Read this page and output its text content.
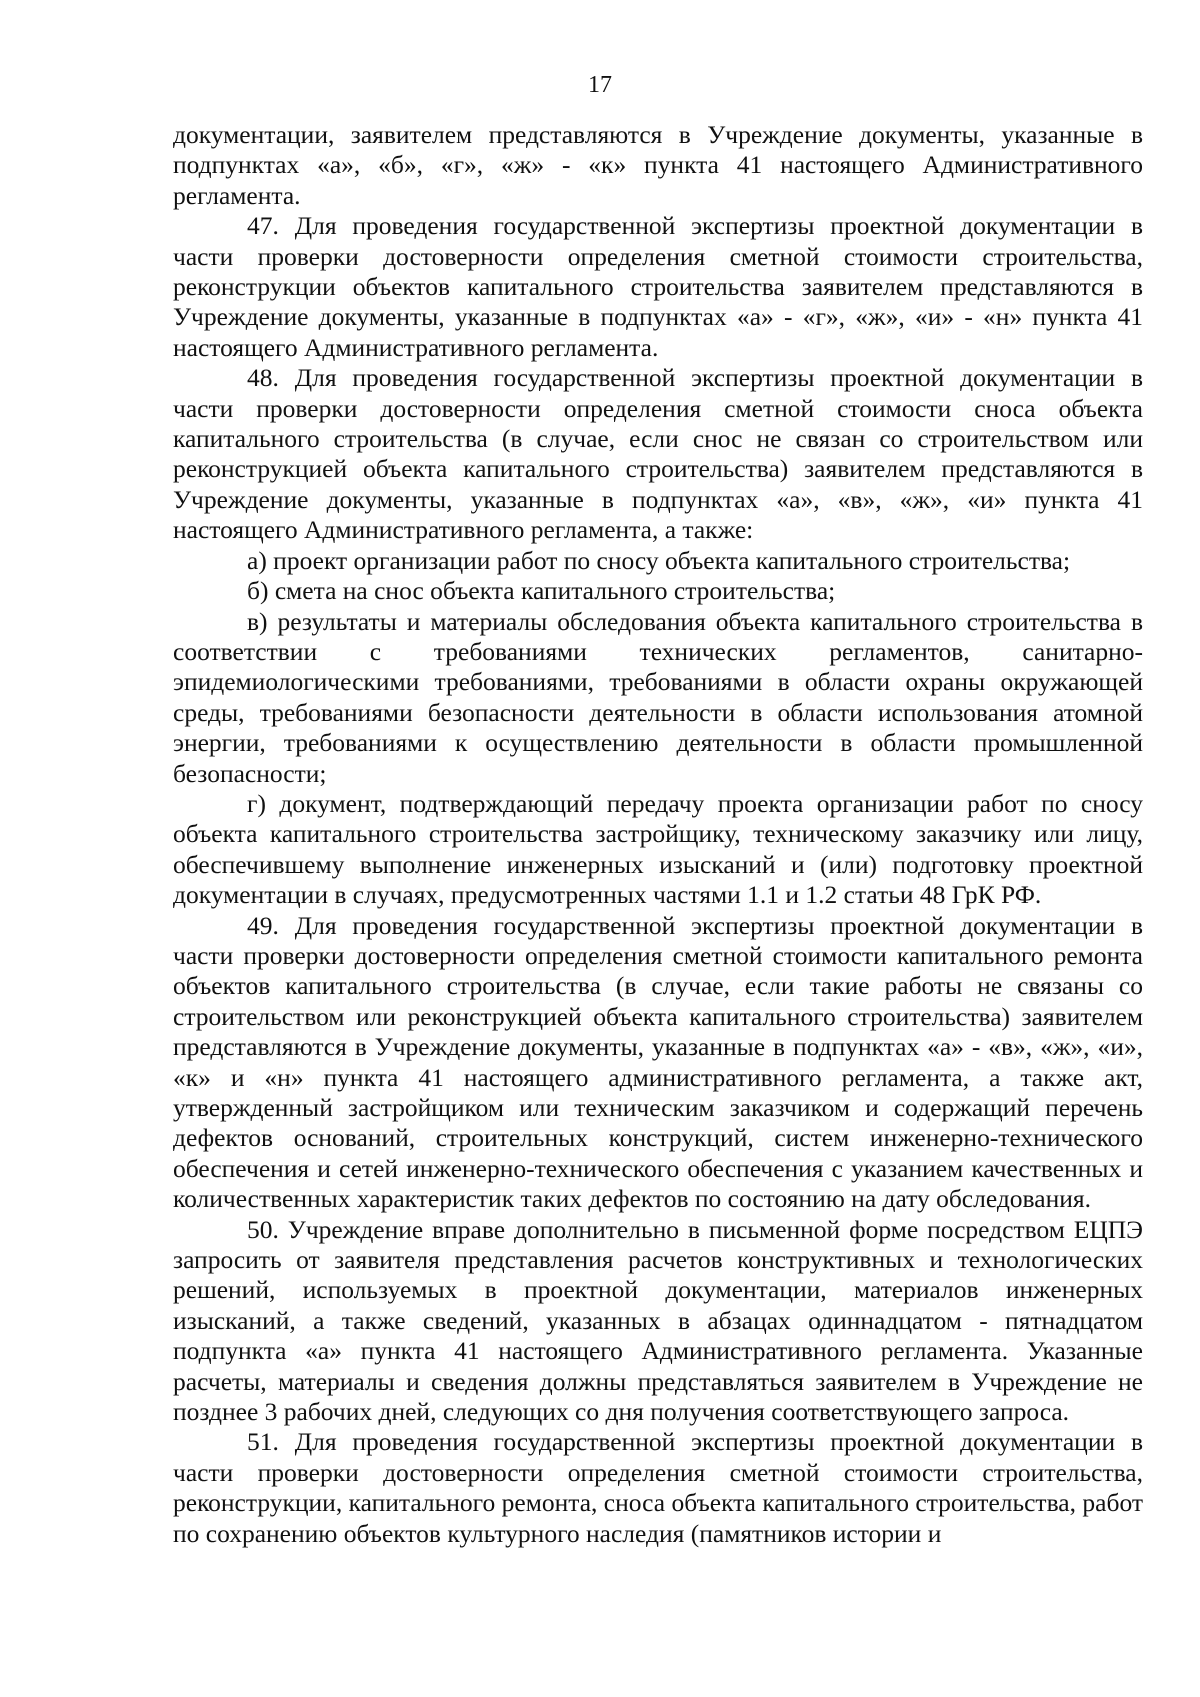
17

документации, заявителем представляются в Учреждение документы, указанные в подпунктах «а», «б», «г», «ж» - «к» пункта 41 настоящего Административного регламента.

47. Для проведения государственной экспертизы проектной документации в части проверки достоверности определения сметной стоимости строительства, реконструкции объектов капитального строительства заявителем представляются в Учреждение документы, указанные в подпунктах «а» - «г», «ж», «и» - «н» пункта 41 настоящего Административного регламента.

48. Для проведения государственной экспертизы проектной документации в части проверки достоверности определения сметной стоимости сноса объекта капитального строительства (в случае, если снос не связан со строительством или реконструкцией объекта капитального строительства) заявителем представляются в Учреждение документы, указанные в подпунктах «а», «в», «ж», «и» пункта 41 настоящего Административного регламента, а также:

а) проект организации работ по сносу объекта капитального строительства;

б) смета на снос объекта капитального строительства;

в) результаты и материалы обследования объекта капитального строительства в соответствии с требованиями технических регламентов, санитарно-эпидемиологическими требованиями, требованиями в области охраны окружающей среды, требованиями безопасности деятельности в области использования атомной энергии, требованиями к осуществлению деятельности в области промышленной безопасности;

г) документ, подтверждающий передачу проекта организации работ по сносу объекта капитального строительства застройщику, техническому заказчику или лицу, обеспечившему выполнение инженерных изысканий и (или) подготовку проектной документации в случаях, предусмотренных частями 1.1 и 1.2 статьи 48 ГрК РФ.

49. Для проведения государственной экспертизы проектной документации в части проверки достоверности определения сметной стоимости капитального ремонта объектов капитального строительства (в случае, если такие работы не связаны со строительством или реконструкцией объекта капитального строительства) заявителем представляются в Учреждение документы, указанные в подпунктах «а» - «в», «ж», «и», «к» и «н» пункта 41 настоящего административного регламента, а также акт, утвержденный застройщиком или техническим заказчиком и содержащий перечень дефектов оснований, строительных конструкций, систем инженерно-технического обеспечения и сетей инженерно-технического обеспечения с указанием качественных и количественных характеристик таких дефектов по состоянию на дату обследования.

50. Учреждение вправе дополнительно в письменной форме посредством ЕЦПЭ запросить от заявителя представления расчетов конструктивных и технологических решений, используемых в проектной документации, материалов инженерных изысканий, а также сведений, указанных в абзацах одиннадцатом - пятнадцатом подпункта «а» пункта 41 настоящего Административного регламента. Указанные расчеты, материалы и сведения должны представляться заявителем в Учреждение не позднее 3 рабочих дней, следующих со дня получения соответствующего запроса.

51. Для проведения государственной экспертизы проектной документации в части проверки достоверности определения сметной стоимости строительства, реконструкции, капитального ремонта, сноса объекта капитального строительства, работ по сохранению объектов культурного наследия (памятников истории и
